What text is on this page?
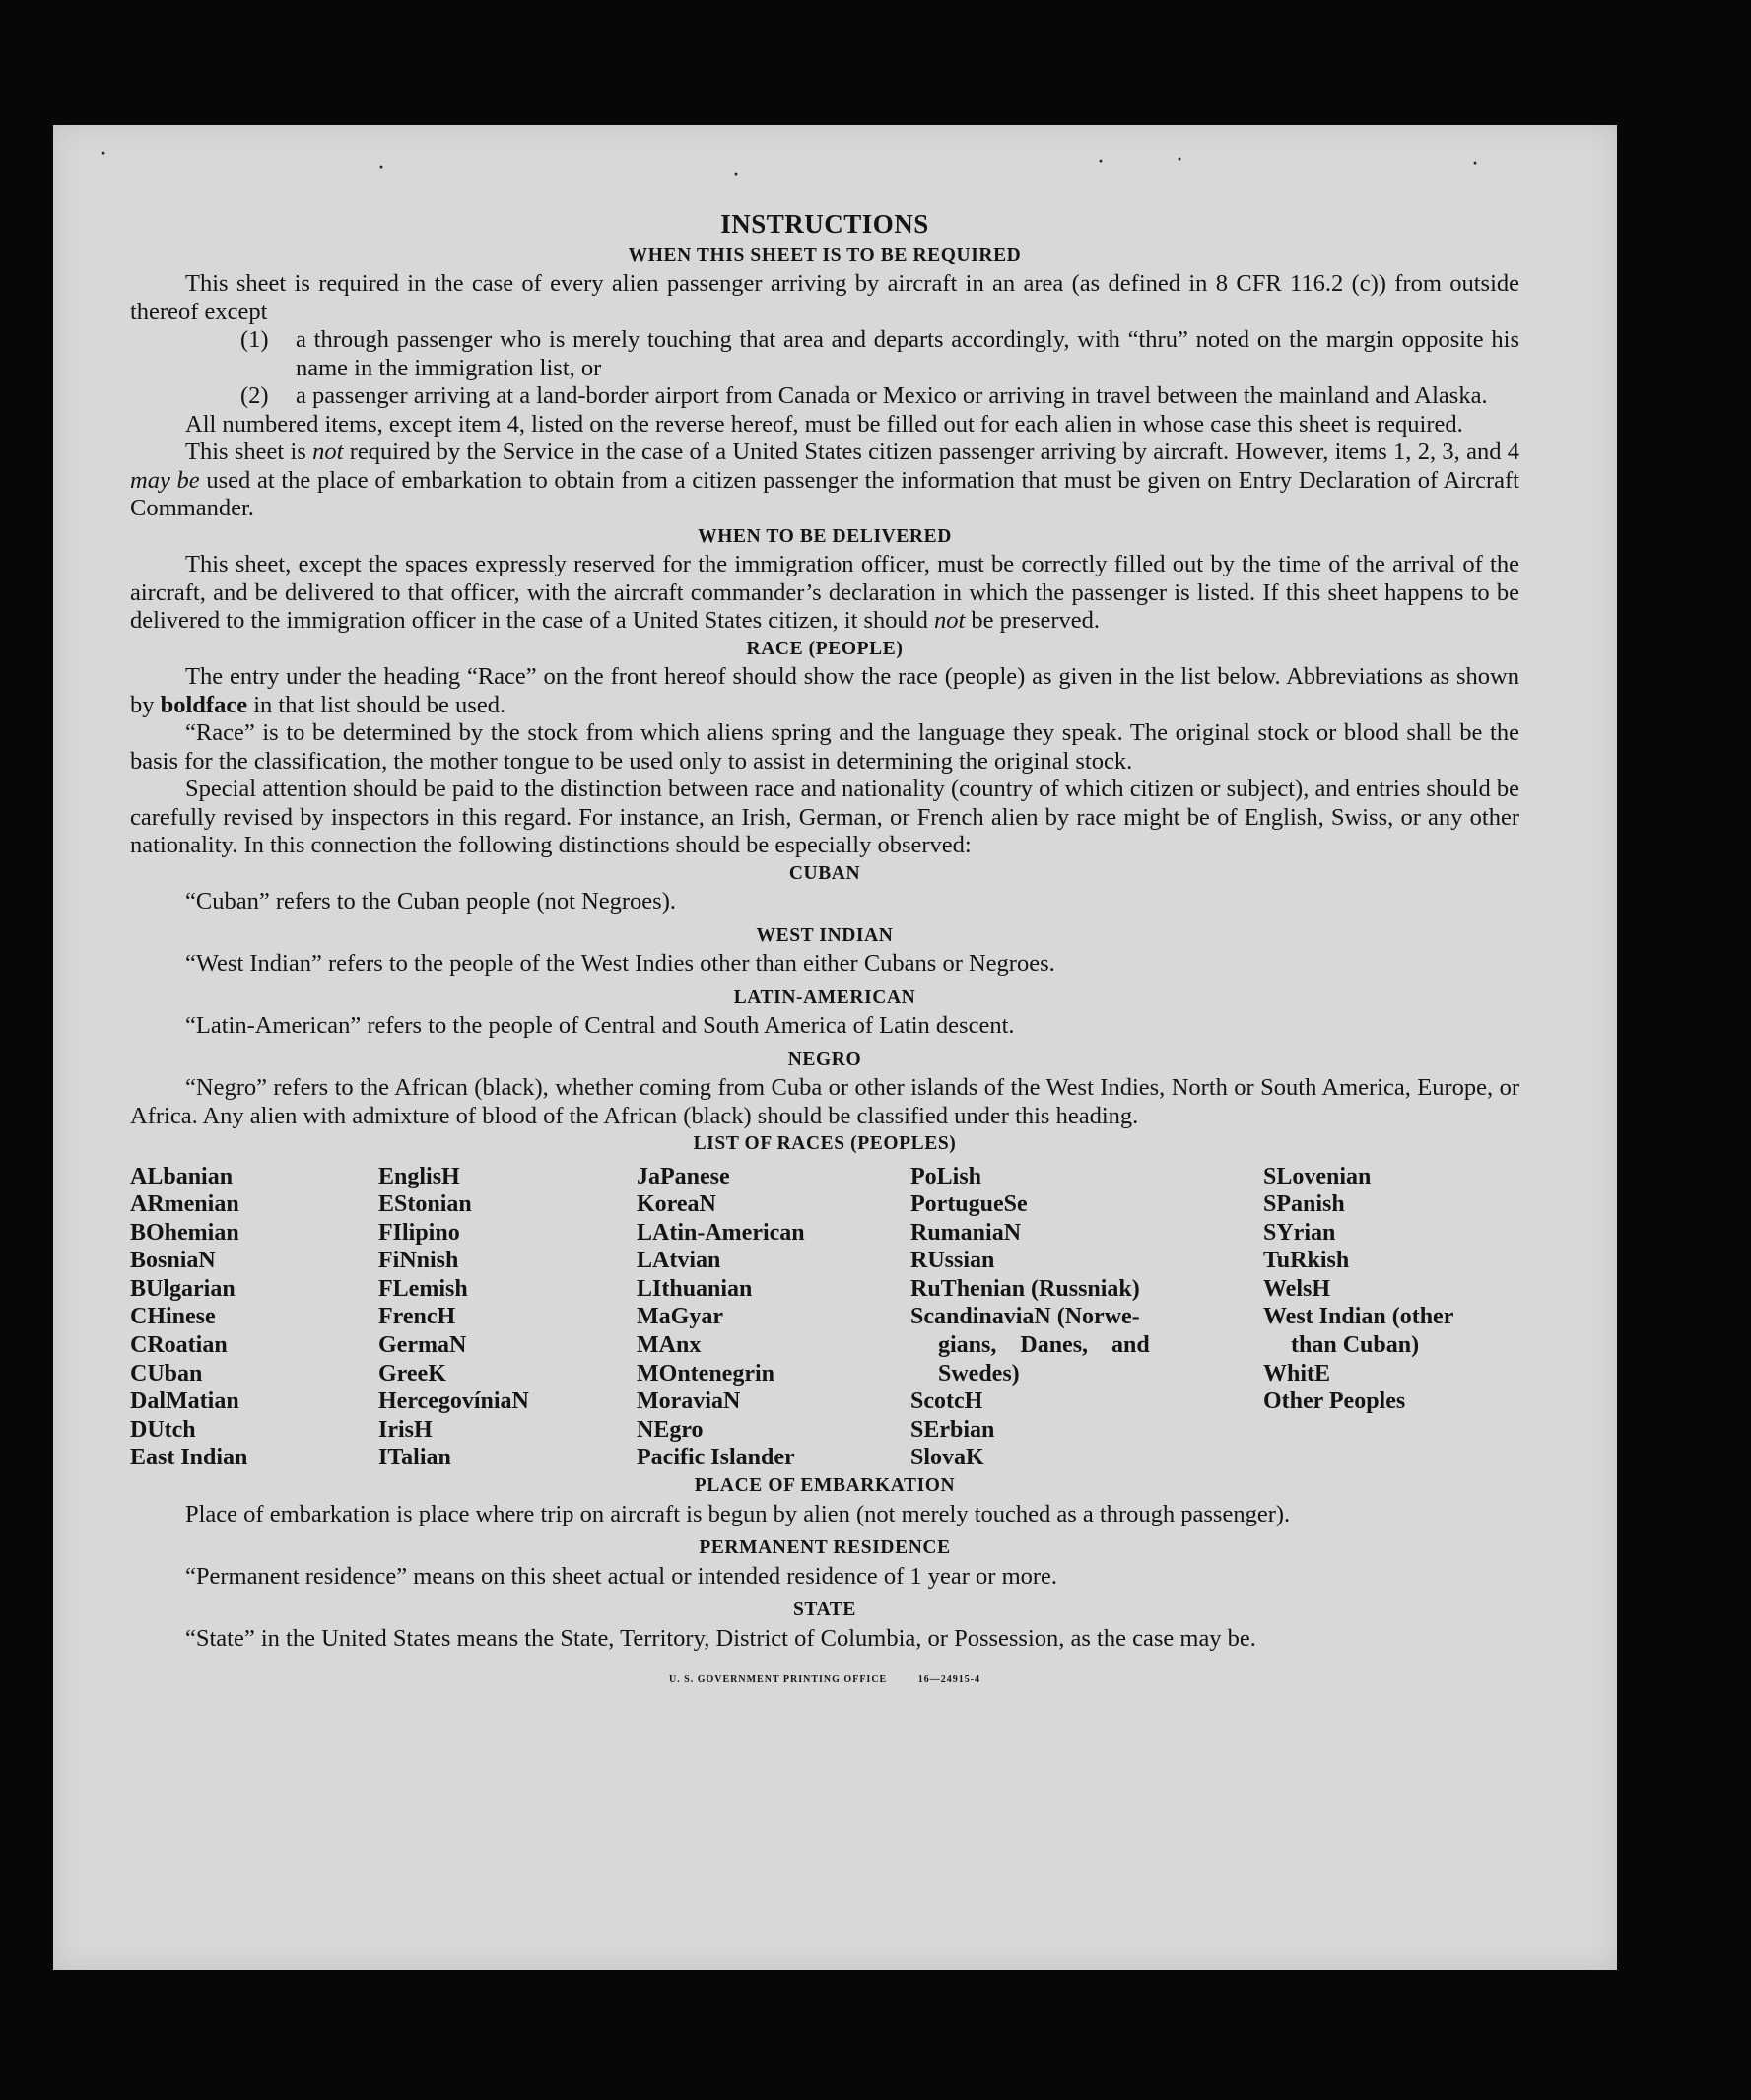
·
·	·
·	·	·
INSTRUCTIONS
WHEN THIS SHEET IS TO BE REQUIRED

This sheet is required in the case of every alien passenger arriving by aircraft in an area (as defined in 8 CFR 116.2 (c)) from outside thereof except

(1)	a through passenger who is merely touching that area and departs accordingly, with “thru” noted on the margin opposite his name in the immigration list, or
(2)	a passenger arriving at a land-border airport from Canada or Mexico or arriving in travel between the mainland and Alaska.

All numbered items, except item 4, listed on the reverse hereof, must be filled out for each alien in whose case this sheet is required.

This sheet is not required by the Service in the case of a United States citizen passenger arriving by aircraft. However, items 1, 2, 3, and 4 may be used at the place of embarkation to obtain from a citizen passenger the information that must be given on Entry Declaration of Aircraft Commander.

WHEN TO BE DELIVERED

This sheet, except the spaces expressly reserved for the immigration officer, must be correctly filled out by the time of the arrival of the aircraft, and be delivered to that officer, with the aircraft commander’s declaration in which the passenger is listed. If this sheet happens to be delivered to the immigration officer in the case of a United States citizen, it should not be preserved.

RACE (PEOPLE)

The entry under the heading “Race” on the front hereof should show the race (people) as given in the list below. Abbreviations as shown by boldface in that list should be used.

“Race” is to be determined by the stock from which aliens spring and the language they speak. The original stock or blood shall be the basis for the classification, the mother tongue to be used only to assist in determining the original stock.

Special attention should be paid to the distinction between race and nationality (country of which citizen or subject), and entries should be carefully revised by inspectors in this regard. For instance, an Irish, German, or French alien by race might be of English, Swiss, or any other nationality. In this connection the following distinctions should be especially observed:

CUBAN

“Cuban” refers to the Cuban people (not Negroes).

WEST INDIAN

“West Indian” refers to the people of the West Indies other than either Cubans or Negroes.

LATIN-AMERICAN

“Latin-American” refers to the people of Central and South America of Latin descent.

NEGRO

“Negro” refers to the African (black), whether coming from Cuba or other islands of the West Indies, North or South America, Europe, or Africa. Any alien with admixture of blood of the African (black) should be classified under this heading.

LIST OF RACES (PEOPLES)
ALbanian
ARmenian
BOhemian
BosniaN
BUlgarian
CHinese
CRoatian
CUban
DalMatian
DUtch
East Indian
EnglisH
EStonian
FIlipino
FiNnish
FLemish
FrencH
GermaN
GreeK
HercegovíniaN
IrisH
ITalian
JaPanese
KoreaN
LAtin-American
LAtvian
LIthuanian
MaGyar
MAnx
MOntenegrin
MoraviaN
NEgro
Pacific Islander
PoLish
PortugueSe
RumaniaN
RUssian
RuThenian (Russniak)
ScandinaviaN (Norwe-
gians, Danes, and
Swedes)
ScotcH
SErbian
SlovaK
SLovenian
SPanish
SYrian
TuRkish
WelsH
West Indian (other
than Cuban)
WhitE
Other Peoples
PLACE OF EMBARKATION

Place of embarkation is place where trip on aircraft is begun by alien (not merely touched as a through passenger).

PERMANENT RESIDENCE

“Permanent residence” means on this sheet actual or intended residence of 1 year or more.

STATE

“State” in the United States means the State, Territory, District of Columbia, or Possession, as the case may be.

U. S. GOVERNMENT PRINTING OFFICE	16—24915-4
